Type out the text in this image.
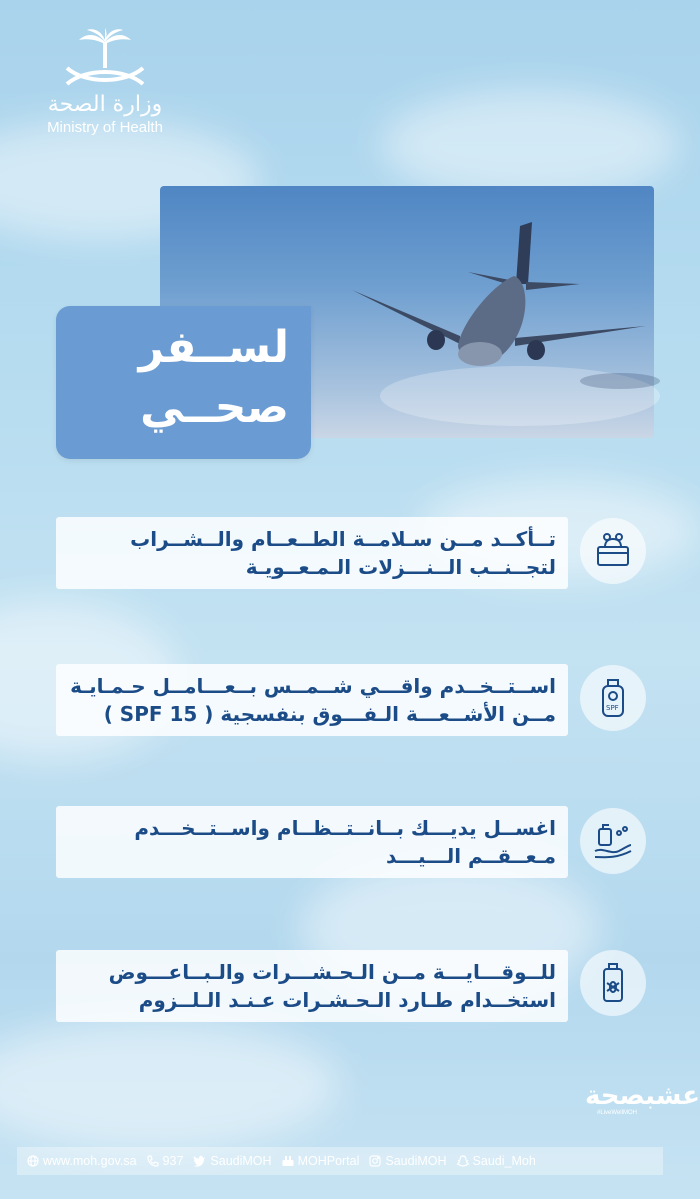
وزارة الصحة
Ministry of Health
لســفر
صحــي
تــأكــد مــن سـلامــة الطــعــام والــشــراب
لتجــنــب الــنـــزلات الـمـعــويـة
اســتــخــدم واقـــي شــمــس بــعـــامــل حـمـايـة
مــن الأشــعـــة الـفـــوق بنفسجية ( SPF 15 )	SPF
اغســل يديـــك بــانــتــظــام واســتــخـــدم
مـعــقــم الـــيـــد
للــوقـــايـــة مــن الـحـشـــرات والـبــاعـــوض
استخــدام طـارد الـحـشـرات عـنـد الـلــزوم
عشبصحة
#LiveWellMOH
www.moh.gov.sa 937 SaudiMOH MOHPortal SaudiMOH Saudi_Moh
